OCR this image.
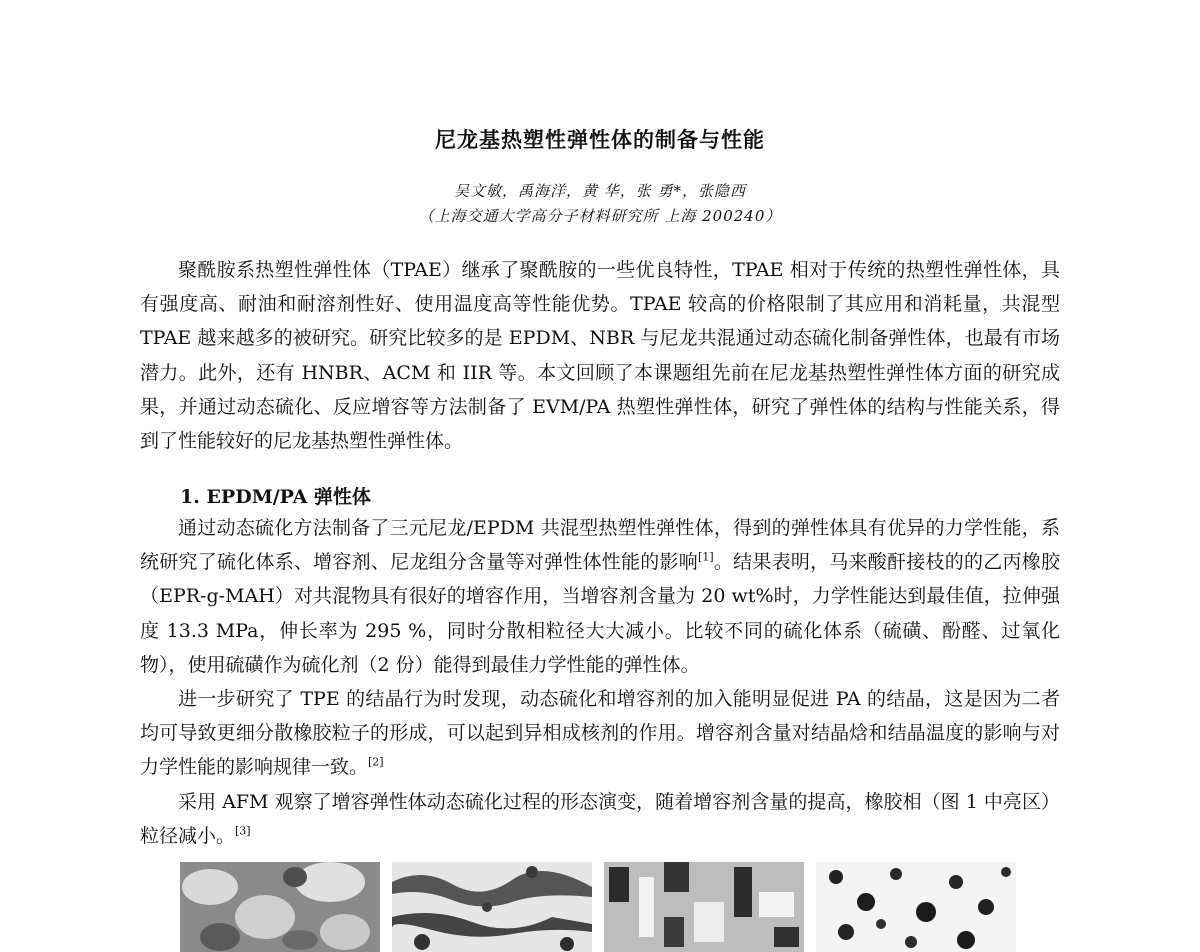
尼龙基热塑性弹性体的制备与性能
吴文敏，禹海洋，黄 华，张 勇*，张隐西
（上海交通大学高分子材料研究所 上海 200240）

聚酰胺系热塑性弹性体（TPAE）继承了聚酰胺的一些优良特性，TPAE 相对于传统的热塑性弹性体，具有强度高、耐油和耐溶剂性好、使用温度高等性能优势。TPAE 较高的价格限制了其应用和消耗量，共混型 TPAE 越来越多的被研究。研究比较多的是 EPDM、NBR 与尼龙共混通过动态硫化制备弹性体，也最有市场潜力。此外，还有 HNBR、ACM 和 IIR 等。本文回顾了本课题组先前在尼龙基热塑性弹性体方面的研究成果，并通过动态硫化、反应增容等方法制备了 EVM/PA 热塑性弹性体，研究了弹性体的结构与性能关系，得到了性能较好的尼龙基热塑性弹性体。

1. EPDM/PA 弹性体

通过动态硫化方法制备了三元尼龙/EPDM 共混型热塑性弹性体，得到的弹性体具有优异的力学性能，系统研究了硫化体系、增容剂、尼龙组分含量等对弹性体性能的影响[1]。结果表明，马来酸酐接枝的的乙丙橡胶（EPR-g-MAH）对共混物具有很好的增容作用，当增容剂含量为 20 wt%时，力学性能达到最佳值，拉伸强度 13.3 MPa，伸长率为 295 %，同时分散相粒径大大减小。比较不同的硫化体系（硫磺、酚醛、过氧化物），使用硫磺作为硫化剂（2 份）能得到最佳力学性能的弹性体。

进一步研究了 TPE 的结晶行为时发现，动态硫化和增容剂的加入能明显促进 PA 的结晶，这是因为二者均可导致更细分散橡胶粒子的形成，可以起到异相成核剂的作用。增容剂含量对结晶焓和结晶温度的影响与对力学性能的影响规律一致。[2]

采用 AFM 观察了增容弹性体动态硫化过程的形态演变，随着增容剂含量的提高，橡胶相（图 1 中亮区）粒径减小。[3]
